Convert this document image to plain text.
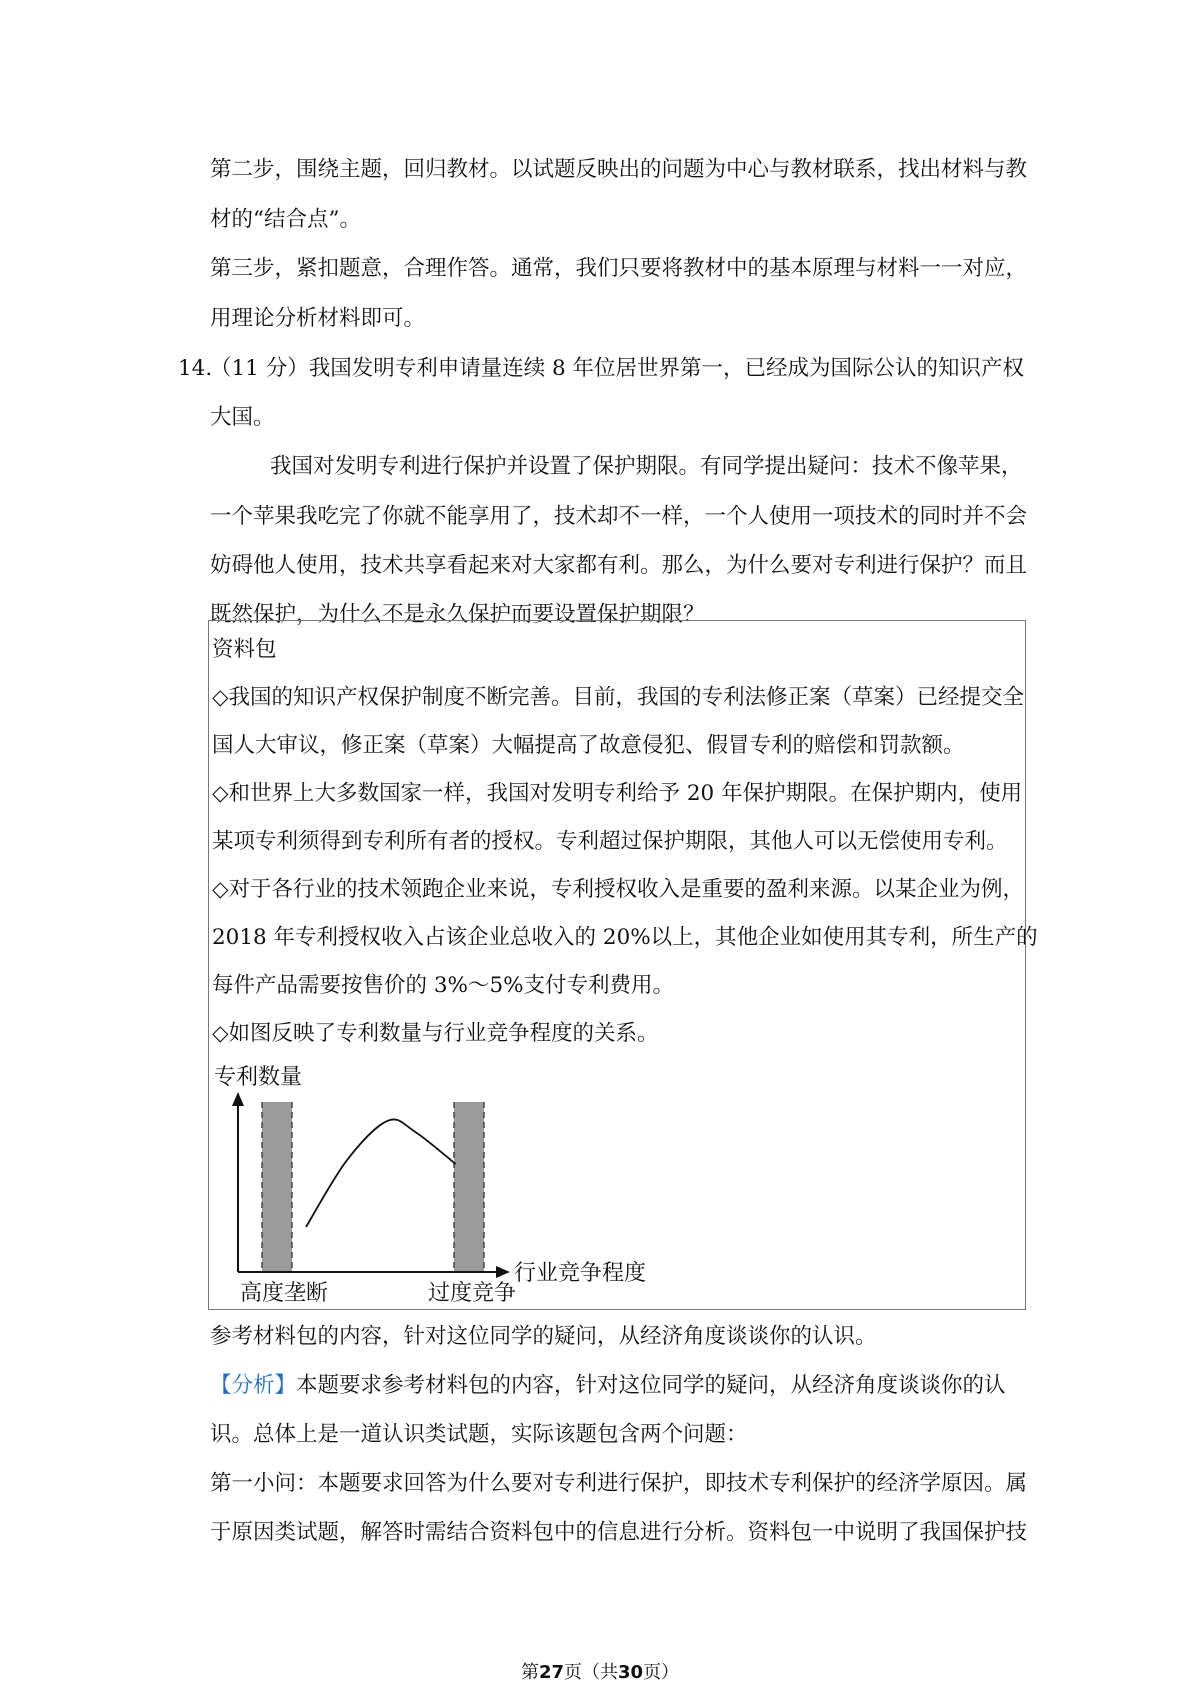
第二步，围绕主题，回归教材。以试题反映出的问题为中心与教材联系，找出材料与教
材的“结合点”。
第三步，紧扣题意，合理作答。通常，我们只要将教材中的基本原理与材料一一对应，
用理论分析材料即可。
14.
（11 分）我国发明专利申请量连续 8 年位居世界第一，已经成为国际公认的知识产权
大国。
我国对发明专利进行保护并设置了保护期限。有同学提出疑问：技术不像苹果，
一个苹果我吃完了你就不能享用了，技术却不一样，一个人使用一项技术的同时并不会
妨碍他人使用，技术共享看起来对大家都有利。那么，为什么要对专利进行保护？而且
既然保护，为什么不是永久保护而要设置保护期限？
资料包
◇我国的知识产权保护制度不断完善。目前，我国的专利法修正案（草案）已经提交全
国人大审议，修正案（草案）大幅提高了故意侵犯、假冒专利的赔偿和罚款额。
◇和世界上大多数国家一样，我国对发明专利给予 20 年保护期限。在保护期内，使用
某项专利须得到专利所有者的授权。专利超过保护期限，其他人可以无偿使用专利。
◇对于各行业的技术领跑企业来说，专利授权收入是重要的盈利来源。以某企业为例，
2018 年专利授权收入占该企业总收入的 20%以上，其他企业如使用其专利，所生产的
每件产品需要按售价的 3%～5%支付专利费用。
◇如图反映了专利数量与行业竞争程度的关系。
专利数量
行业竞争程度
高度垄断	过度竞争
参考材料包的内容，针对这位同学的疑问，从经济角度谈谈你的认识。
【分析】本题要求参考材料包的内容，针对这位同学的疑问，从经济角度谈谈你的认
识。总体上是一道认识类试题，实际该题包含两个问题：
第一小问：本题要求回答为什么要对专利进行保护，即技术专利保护的经济学原因。属
于原因类试题，解答时需结合资料包中的信息进行分析。资料包一中说明了我国保护技
第27页（共30页）
